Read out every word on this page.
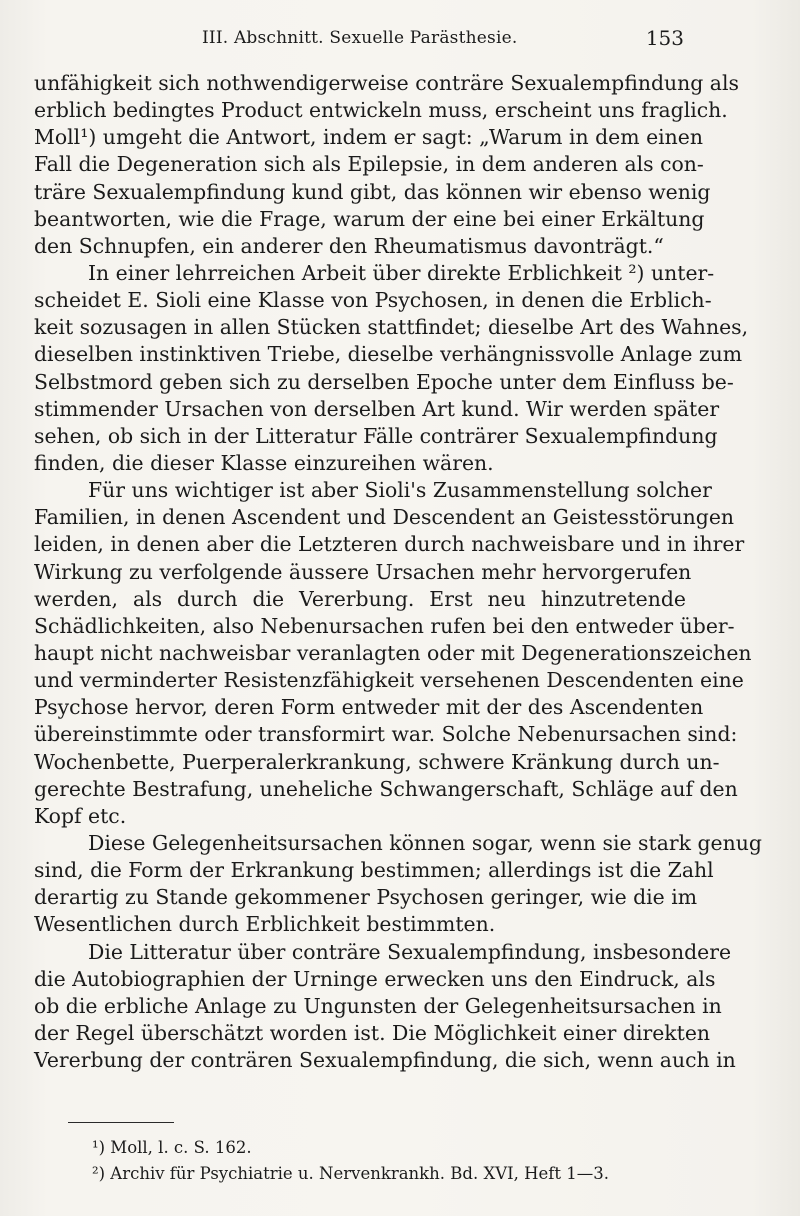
III. Abschnitt. Sexuelle Parästhesie.	153
unfähigkeit sich nothwendigerweise conträre Sexualempfindung als
erblich bedingtes Product entwickeln muss, erscheint uns fraglich.
Moll¹) umgeht die Antwort, indem er sagt: „Warum in dem einen
Fall die Degeneration sich als Epilepsie, in dem anderen als con-
träre Sexualempfindung kund gibt, das können wir ebenso wenig
beantworten, wie die Frage, warum der eine bei einer Erkältung
den Schnupfen, ein anderer den Rheumatismus davonträgt.“
In einer lehrreichen Arbeit über direkte Erblichkeit ²) unter-
scheidet E. Sioli eine Klasse von Psychosen, in denen die Erblich-
keit sozusagen in allen Stücken stattfindet; dieselbe Art des Wahnes,
dieselben instinktiven Triebe, dieselbe verhängnissvolle Anlage zum
Selbstmord geben sich zu derselben Epoche unter dem Einfluss be-
stimmender Ursachen von derselben Art kund. Wir werden später
sehen, ob sich in der Litteratur Fälle conträrer Sexualempfindung
finden, die dieser Klasse einzureihen wären.
Für uns wichtiger ist aber Sioli's Zusammenstellung solcher
Familien, in denen Ascendent und Descendent an Geistesstörungen
leiden, in denen aber die Letzteren durch nachweisbare und in ihrer
Wirkung zu verfolgende äussere Ursachen mehr hervorgerufen
werden, als durch die Vererbung. Erst neu hinzutretende
Schädlichkeiten, also Nebenursachen rufen bei den entweder über-
haupt nicht nachweisbar veranlagten oder mit Degenerationszeichen
und verminderter Resistenzfähigkeit versehenen Descendenten eine
Psychose hervor, deren Form entweder mit der des Ascendenten
übereinstimmte oder transformirt war. Solche Nebenursachen sind:
Wochenbette, Puerperalerkrankung, schwere Kränkung durch un-
gerechte Bestrafung, uneheliche Schwangerschaft, Schläge auf den
Kopf etc.
Diese Gelegenheitsursachen können sogar, wenn sie stark genug
sind, die Form der Erkrankung bestimmen; allerdings ist die Zahl
derartig zu Stande gekommener Psychosen geringer, wie die im
Wesentlichen durch Erblichkeit bestimmten.
Die Litteratur über conträre Sexualempfindung, insbesondere
die Autobiographien der Urninge erwecken uns den Eindruck, als
ob die erbliche Anlage zu Ungunsten der Gelegenheitsursachen in
der Regel überschätzt worden ist. Die Möglichkeit einer direkten
Vererbung der conträren Sexualempfindung, die sich, wenn auch in
¹) Moll, l. c. S. 162.
²) Archiv für Psychiatrie u. Nervenkrankh. Bd. XVI, Heft 1—3.
